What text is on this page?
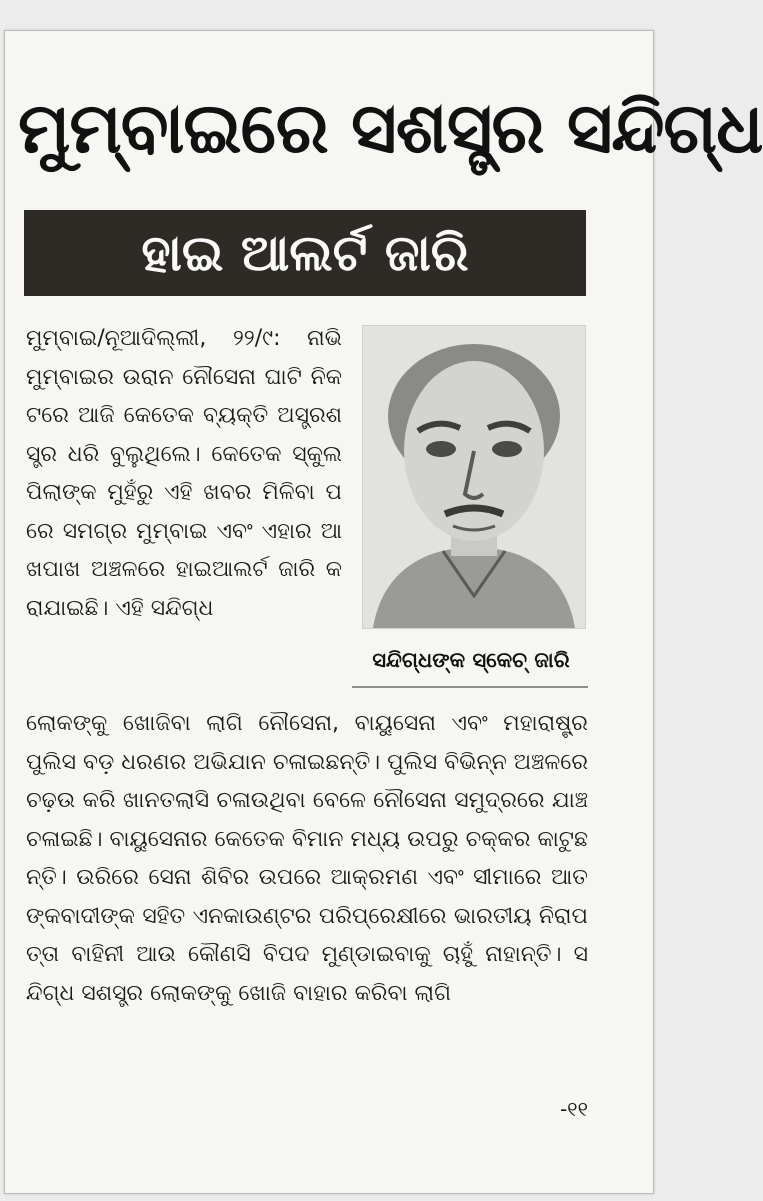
ମୁମ୍ବାଇରେ ସଶସ୍ତ୍ର ସନ୍ଦିଗ୍ଧ
ହାଇ ଆଲର୍ଟ ଜାରି

ମୁମ୍ବାଇ/ନୂଆଦିଲ୍ଲୀ, ୨୨/୯: ନାଭି ମୁମ୍ବାଇର ଉରାନ ନୌସେନା ଘାଟି ନିକଟରେ ଆଜି କେତେକ ବ୍ୟକ୍ତି ଅସ୍ତ୍ରଶସ୍ତ୍ର ଧରି ବୁଲୁଥିଲେ। କେତେକ ସ୍କୁଲ ପିଲାଙ୍କ ମୁହଁରୁ ଏହି ଖବର ମିଳିବା ପରେ ସମଗ୍ର ମୁମ୍ବାଇ ଏବଂ ଏହାର ଆଖପାଖ ଅଞ୍ଚଳରେ ହାଇଆଲର୍ଟ ଜାରି କରାଯାଇଛି। ଏହି ସନ୍ଦିଗ୍ଧ

ସନ୍ଦିଗ୍ଧଙ୍କ ସ୍କେଚ୍ ଜାରି

ଲୋକଙ୍କୁ ଖୋଜିବା ଲାଗି ନୌସେନା, ବାୟୁସେନା ଏବଂ ମହାରାଷ୍ଟ୍ର ପୁଲିସ ବଡ଼ ଧରଣର ଅଭିଯାନ ଚଳାଇଛନ୍ତି। ପୁଲିସ ବିଭିନ୍ନ ଅଞ୍ଚଳରେ ଚଢ଼ଉ କରି ଖାନତଲାସି ଚଳାଉଥିବା ବେଳେ ନୌସେନା ସମୁଦ୍ରରେ ଯାଞ୍ଚ ଚଳାଇଛି। ବାୟୁସେନାର କେତେକ ବିମାନ ମଧ୍ୟ ଉପରୁ ଚକ୍କର କାଟୁଛନ୍ତି। ଉରିରେ ସେନା ଶିବିର ଉପରେ ଆକ୍ରମଣ ଏବଂ ସୀମାରେ ଆତଙ୍କବାଦୀଙ୍କ ସହିତ ଏନକାଉଣ୍ଟର ପରିପ୍ରେକ୍ଷୀରେ ଭାରତୀୟ ନିରାପତ୍ତା ବାହିନୀ ଆଉ କୌଣସି ବିପଦ ମୁଣ୍ଡାଇବାକୁ ଚାହୁଁ ନାହାନ୍ତି। ସନ୍ଦିଗ୍ଧ ସଶସ୍ତ୍ର ଲୋକଙ୍କୁ ଖୋଜି ବାହାର କରିବା ଲାଗି

-୧୧
